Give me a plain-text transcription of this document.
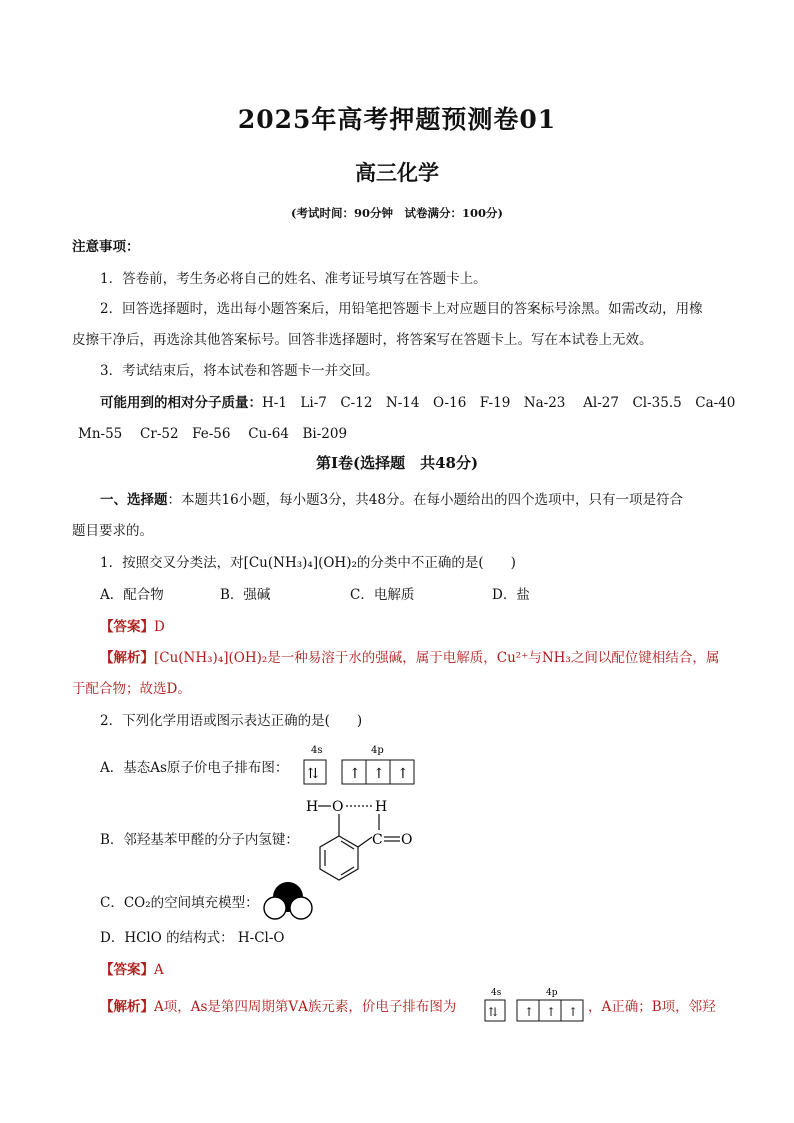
2025年高考押题预测卷01
高三化学
(考试时间：90分钟　试卷满分：100分)
注意事项：
1．答卷前，考生务必将自己的姓名、准考证号填写在答题卡上。
2．回答选择题时，选出每小题答案后，用铅笔把答题卡上对应题目的答案标号涂黑。如需改动，用橡
皮擦干净后，再选涂其他答案标号。回答非选择题时，将答案写在答题卡上。写在本试卷上无效。
3．考试结束后，将本试卷和答题卡一并交回。
可能用到的相对分子质量：H-1　Li-7　C-12　N-14　O-16　F-19　Na-23　 Al-27　Cl-35.5　Ca-40
Mn-55　 Cr-52　Fe-56　 Cu-64　Bi-209
第Ⅰ卷(选择题　共48分)
一、选择题：本题共16小题，每小题3分，共48分。在每小题给出的四个选项中，只有一项是符合
题目要求的。
1．按照交叉分类法，对[Cu(NH₃)₄](OH)₂的分类中不正确的是(　　)
A．配合物	B．强碱	C．电解质	D．盐
【答案】D
【解析】[Cu(NH₃)₄](OH)₂是一种易溶于水的强碱，属于电解质，Cu²⁺与NH₃之间以配位键相结合，属
于配合物；故选D。
2．下列化学用语或图示表达正确的是(　　)
A．基态As原子价电子排布图：
4s	4p
⇅ ↑ ↑ ↑
B．邻羟基苯甲醛的分子内氢键：
H O H
C O
C．CO₂的空间填充模型：
D．HClO 的结构式： H-Cl-O
【答案】A
【解析】A项，As是第四周期第ⅤA族元素，价电子排布图为
4s	4p
⇅ ↑ ↑ ↑ ，A正确；B项，邻羟
